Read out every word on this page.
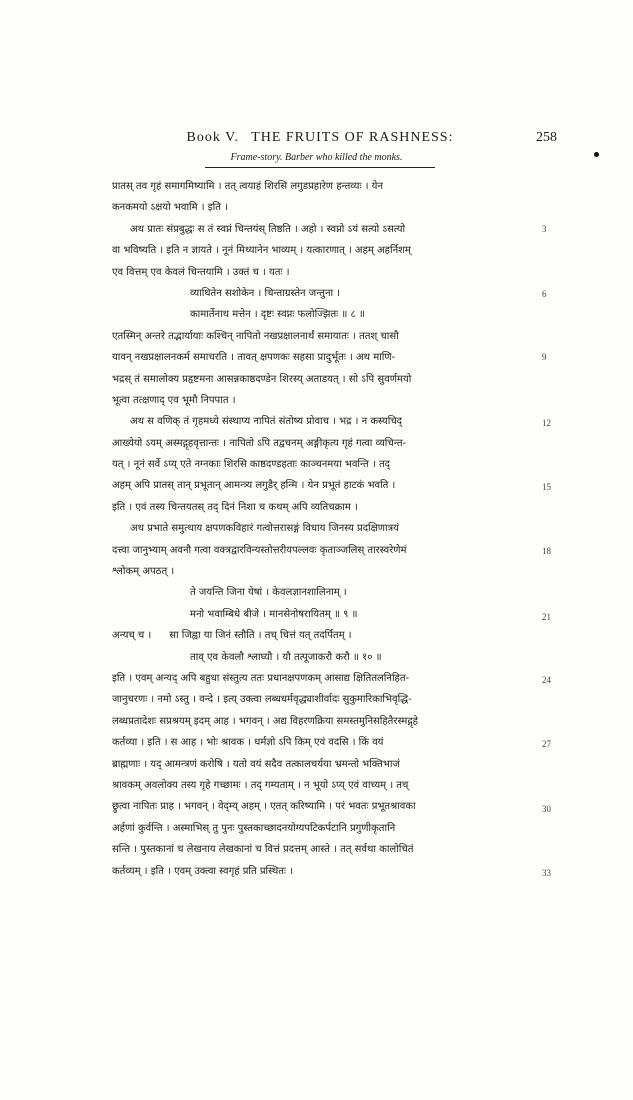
Book V. THE FRUITS OF RASHNESS:	258
Frame-story. Barber who killed the monks.
प्रातस् तव गृहं समागमिष्यामि । तत् त्वयाहं शिरसि लगुडप्रहारेण हन्तव्यः । येन
कनकमयो ऽक्षयो भवामि । इति ।
अथ प्रातः संप्रबुद्धः स तं स्वप्नं चिन्तयंस् तिष्ठति । अहो । स्वप्नो ऽयं सत्यो ऽसत्यो
वा भविष्यति । इति न ज्ञायते । नूनं मिथ्यानेन भाव्यम् । यत्कारणात् । अहम् अहर्निशम्
एव वित्तम् एव केवलं चिन्तयामि । उक्तं च । यतः ।
व्याधितेन सशोकेन । चिन्ताग्रस्तेन जन्तुना ।
कामार्तेनाथ मत्तेन । दृष्टः स्वप्नः फलोज्झितः ॥ ८ ॥
एतस्मिन् अन्तरे तद्भार्यायाः कश्चिन् नापितो नखप्रक्षालनार्थं समायातः । ततश् चासौ
यावन् नखप्रक्षालनकर्म समाचरति । तावत् क्षपणकः सहसा प्रादुर्भूतः । अथ माणि-
भद्रस् तं समालोक्य प्रहृष्टमना आसन्नकाष्ठदण्डेन शिरस्य् अताडयत् । सो ऽपि सुवर्णमयो
भूत्वा तत्क्षणाद् एव भूमौ निपपात ।
अथ स वणिक् तं गृहमध्ये संस्थाप्य नापितं संतोष्य प्रोवाच । भद्र । न कस्यचिद्
आख्येयो ऽयम् अस्मद्गृहवृत्तान्तः । नापितो ऽपि तद्वचनम् अङ्गीकृत्य गृहं गत्वा व्यचिन्त-
यत् । नूनं सर्वे ऽप्य् एते नग्नकाः शिरसि काष्ठदण्डहताः काञ्चनमया भवन्ति । तद्
अहम् अपि प्रातस् तान् प्रभूतान् आमन्त्र्य लगुडैर् हन्मि । येन प्रभूतं हाटकं भवति ।
इति । एवं तस्य चिन्तयतस् तद् दिनं निशा च कथम् अपि व्यतिचक्राम ।
अथ प्रभाते समुत्थाय क्षपणकविहारं गत्वोत्तरासङ्गं विधाय जिनस्य प्रदक्षिणात्रयं
दत्त्वा जानुभ्याम् अवनौ गत्वा वक्त्रद्वारविन्यस्तोत्तरीयपल्लवः कृताञ्जलिस् तारस्वरेणेमं
श्लोकम् अपठत् ।
ते जयन्ति जिना येषां । केवलज्ञानशालिनाम् ।
मनो भवाम्बिधे बीजे । मानसेनोषरायितम् ॥ ९ ॥
अन्यच् च । सा जिह्वा या जिनं स्तौति । तच् चित्तं यत् तदर्पितम् ।
ताव् एव केवलौ श्लाघ्यौ । यौ तत्पूजाकरौ करौ ॥ १० ॥
इति । एवम् अन्यद् अपि बहुधा संस्तुत्य ततः प्रधानक्षपणकम् आसाद्य क्षितितलनिहित-
जानुचरणः । नमो ऽस्तु । वन्दे । इत्य् उक्त्वा लब्धधर्मवृद्ध्याशीर्वादः सुकुमारिकाभिवृद्धि-
लब्धप्रतादेशः सप्रश्रयम् इदम् आह । भगवन् । अद्य विहरणक्रिया समस्तमुनिसहितैरस्मद्गृहे
कर्तव्या । इति । स आह । भोः श्रावक । धर्मज्ञो ऽपि किम् एवं वदसि । किं वयं
ब्राह्मणाः । यद् आमन्त्रणं करोषि । यतो वयं सदैव तत्कालचर्यया भ्रमन्तो भक्तिभाजं
श्रावकम् अवलोक्य तस्य गृहे गच्छामः । तद् गम्यताम् । न भूयो ऽप्य् एवं वाच्यम् । तच्
छ्रुत्वा नापितः प्राह । भगवन् । वेद्म्य् अहम् । एतत् करिष्यामि । परं भवतः प्रभूतश्रावका
अर्हणां कुर्वन्ति । अस्माभिस् तु पुनः पुस्तकाच्छादनयोग्यपटिकर्पटानि प्रगुणीकृतानि
सन्ति । पुस्तकानां च लेखनाय लेखकानां च वित्तं प्रदत्तम् आस्ते । तत् सर्वथा कालोचितं
कर्तव्यम् । इति । एवम् उक्त्वा स्वगृहं प्रति प्रस्थितः ।
3
6
9
12
15
18
21
24
27
30
33
